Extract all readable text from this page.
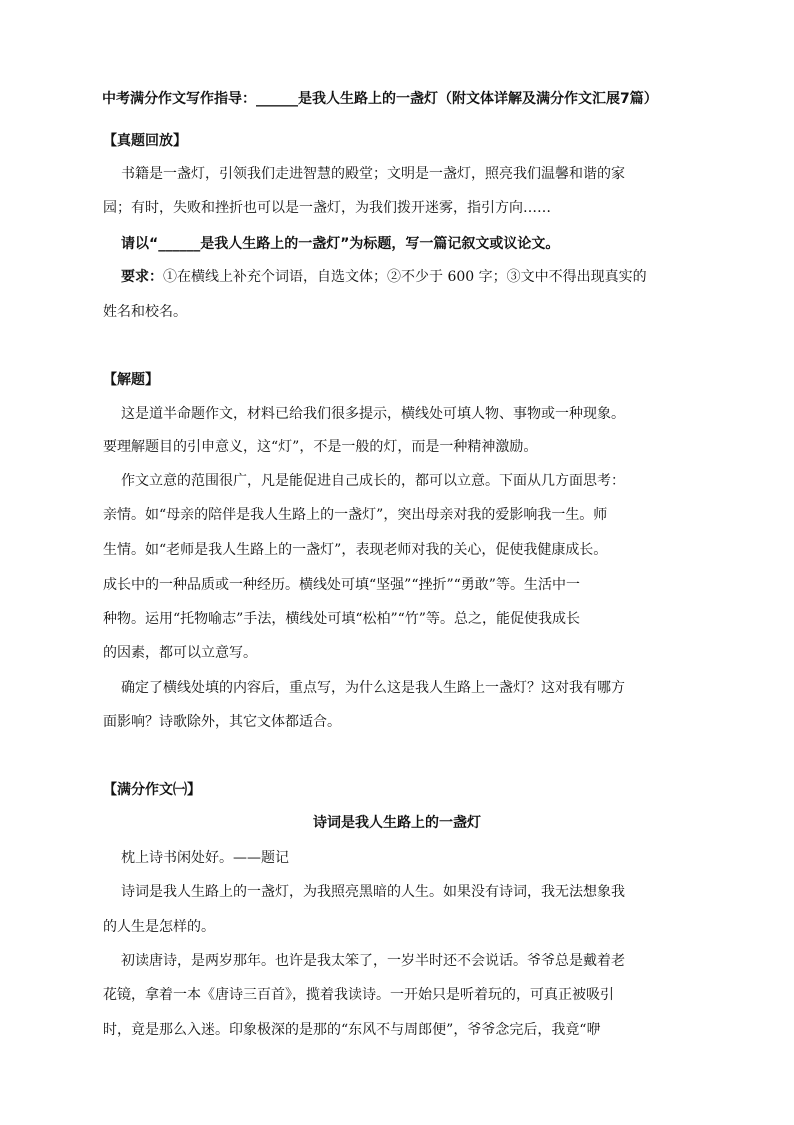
中考满分作文写作指导：______是我人生路上的一盏灯（附文体详解及满分作文汇展7篇）
【真题回放】
书籍是一盏灯，引领我们走进智慧的殿堂；文明是一盏灯，照亮我们温馨和谐的家
园；有时，失败和挫折也可以是一盏灯，为我们拨开迷雾，指引方向……
请以“______是我人生路上的一盏灯”为标题，写一篇记叙文或议论文。
要求：①在横线上补充个词语，自选文体；②不少于 600 字；③文中不得出现真实的
姓名和校名。
【解题】
这是道半命题作文，材料已给我们很多提示，横线处可填人物、事物或一种现象。
要理解题目的引申意义，这“灯”，不是一般的灯，而是一种精神激励。
作文立意的范围很广，凡是能促进自己成长的，都可以立意。下面从几方面思考：
亲情。如“母亲的陪伴是我人生路上的一盏灯”，突出母亲对我的爱影响我一生。师
生情。如“老师是我人生路上的一盏灯”，表现老师对我的关心，促使我健康成长。
成长中的一种品质或一种经历。横线处可填“坚强”“挫折”“勇敢”等。生活中一
种物。运用“托物喻志”手法，横线处可填“松柏”“竹”等。总之，能促使我成长
的因素，都可以立意写。
确定了横线处填的内容后，重点写，为什么这是我人生路上一盏灯？这对我有哪方
面影响？诗歌除外，其它文体都适合。
【满分作文㈠】
诗词是我人生路上的一盏灯
枕上诗书闲处好。——题记
诗词是我人生路上的一盏灯，为我照亮黑暗的人生。如果没有诗词，我无法想象我
的人生是怎样的。
初读唐诗，是两岁那年。也许是我太笨了，一岁半时还不会说话。爷爷总是戴着老
花镜，拿着一本《唐诗三百首》，揽着我读诗。一开始只是听着玩的，可真正被吸引
时，竟是那么入迷。印象极深的是那的“东风不与周郎便”，爷爷念完后，我竟“咿
